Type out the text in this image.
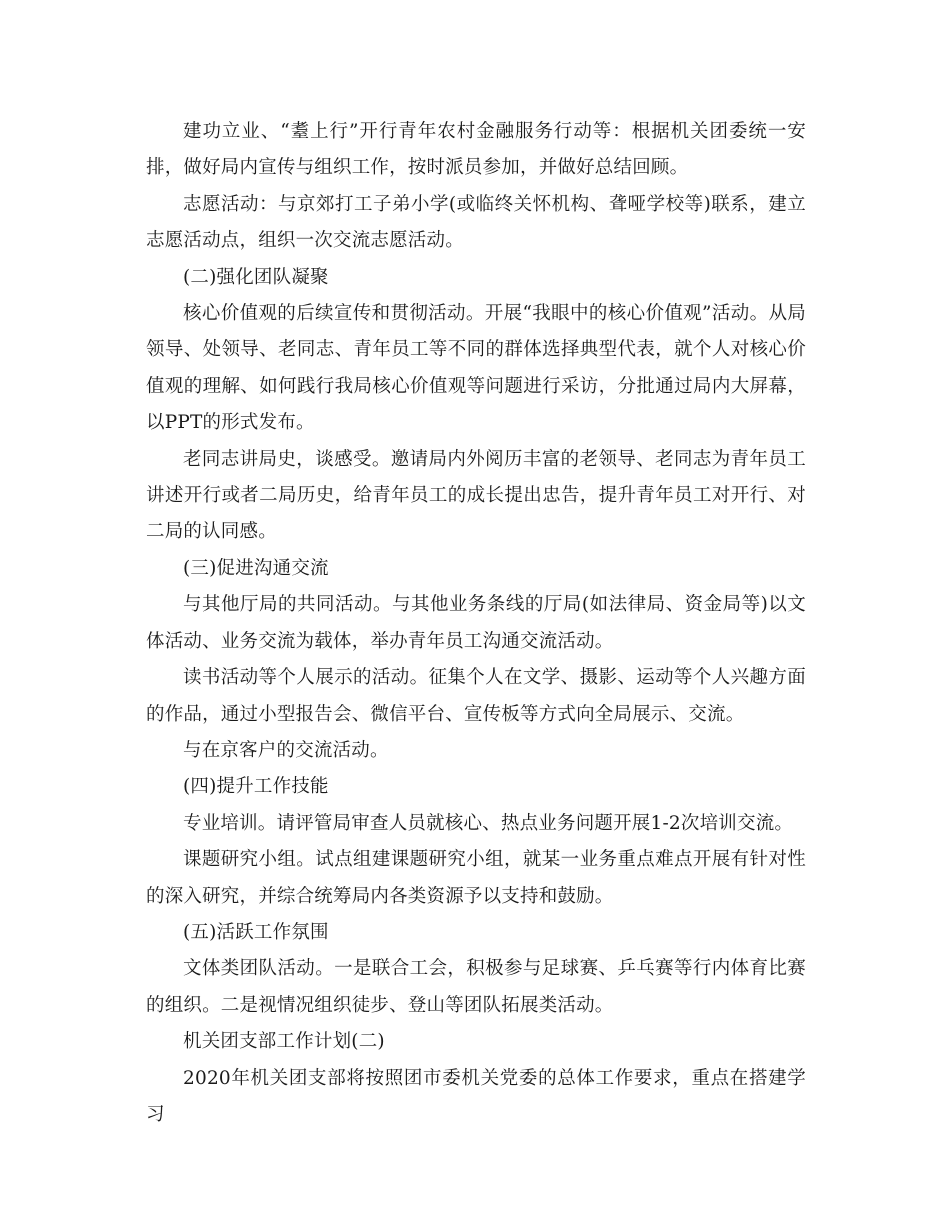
建功立业、“耋上行”开行青年农村金融服务行动等：根据机关团委统一安排，做好局内宣传与组织工作，按时派员参加，并做好总结回顾。

志愿活动：与京郊打工子弟小学(或临终关怀机构、聋哑学校等)联系，建立志愿活动点，组织一次交流志愿活动。

(二)强化团队凝聚

核心价值观的后续宣传和贯彻活动。开展“我眼中的核心价值观”活动。从局领导、处领导、老同志、青年员工等不同的群体选择典型代表，就个人对核心价值观的理解、如何践行我局核心价值观等问题进行采访，分批通过局内大屏幕，以PPT的形式发布。

老同志讲局史，谈感受。邀请局内外阅历丰富的老领导、老同志为青年员工讲述开行或者二局历史，给青年员工的成长提出忠告，提升青年员工对开行、对二局的认同感。

(三)促进沟通交流

与其他厅局的共同活动。与其他业务条线的厅局(如法律局、资金局等)以文体活动、业务交流为载体，举办青年员工沟通交流活动。

读书活动等个人展示的活动。征集个人在文学、摄影、运动等个人兴趣方面的作品，通过小型报告会、微信平台、宣传板等方式向全局展示、交流。

与在京客户的交流活动。

(四)提升工作技能

专业培训。请评管局审查人员就核心、热点业务问题开展1-2次培训交流。

课题研究小组。试点组建课题研究小组，就某一业务重点难点开展有针对性的深入研究，并综合统筹局内各类资源予以支持和鼓励。

(五)活跃工作氛围

文体类团队活动。一是联合工会，积极参与足球赛、乒乓赛等行内体育比赛的组织。二是视情况组织徒步、登山等团队拓展类活动。

机关团支部工作计划(二)

2020年机关团支部将按照团市委机关党委的总体工作要求，重点在搭建学习
